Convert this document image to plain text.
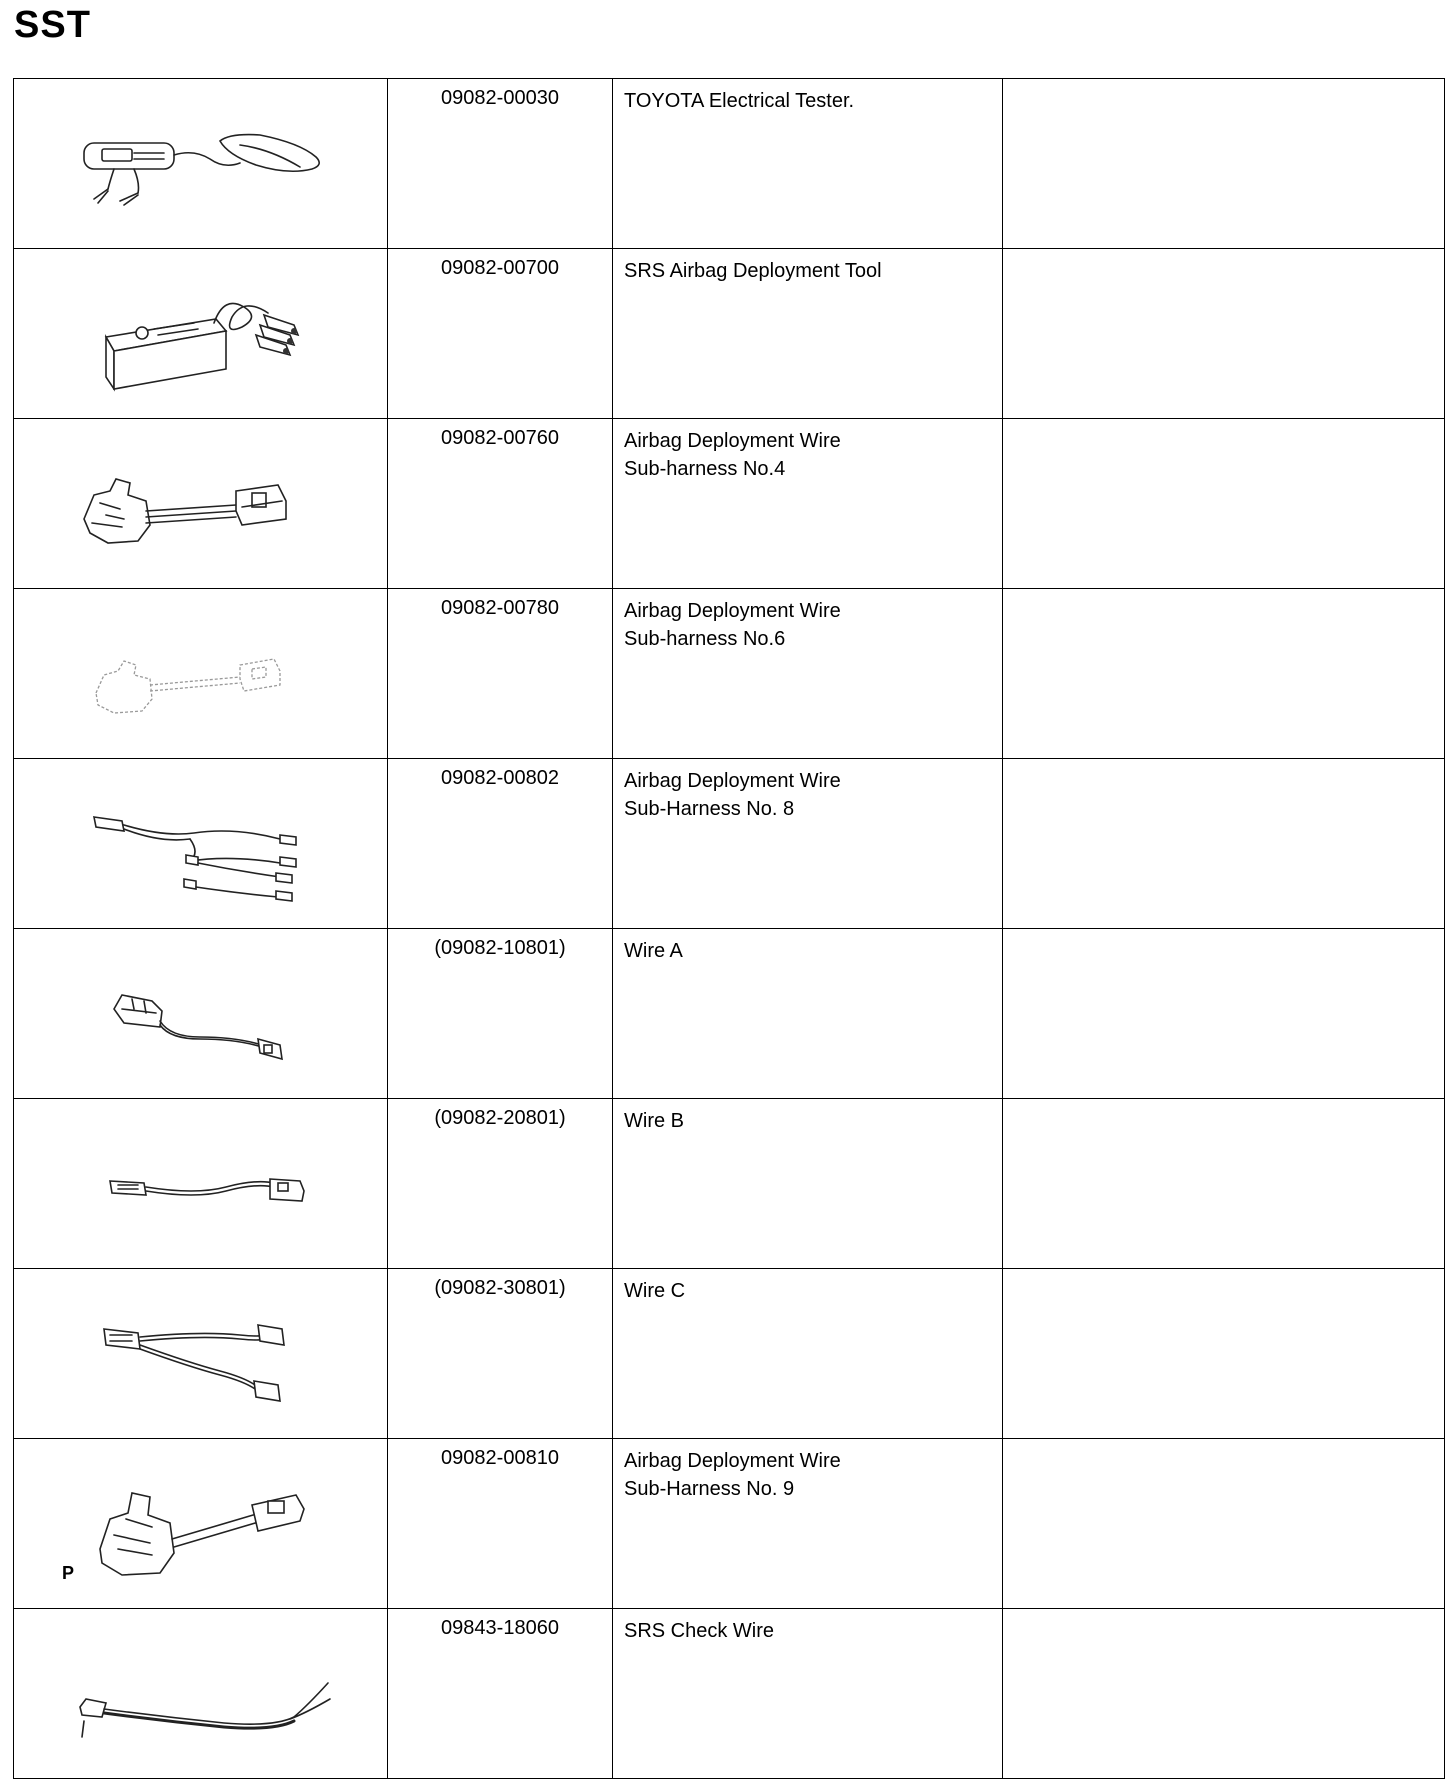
SST
	09082-00030	TOYOTA Electrical Tester.	

	09082-00700	SRS Airbag Deployment Tool	

	09082-00760	Airbag Deployment Wire
Sub-harness No.4	

	09082-00780	Airbag Deployment Wire
Sub-harness No.6	

	09082-00802	Airbag Deployment Wire
Sub-Harness No. 8	

	(09082-10801)	Wire A	

	(09082-20801)	Wire B	

	(09082-30801)	Wire C	

P	09082-00810	Airbag Deployment Wire
Sub-Harness No. 9	

	09843-18060	SRS Check Wire	
